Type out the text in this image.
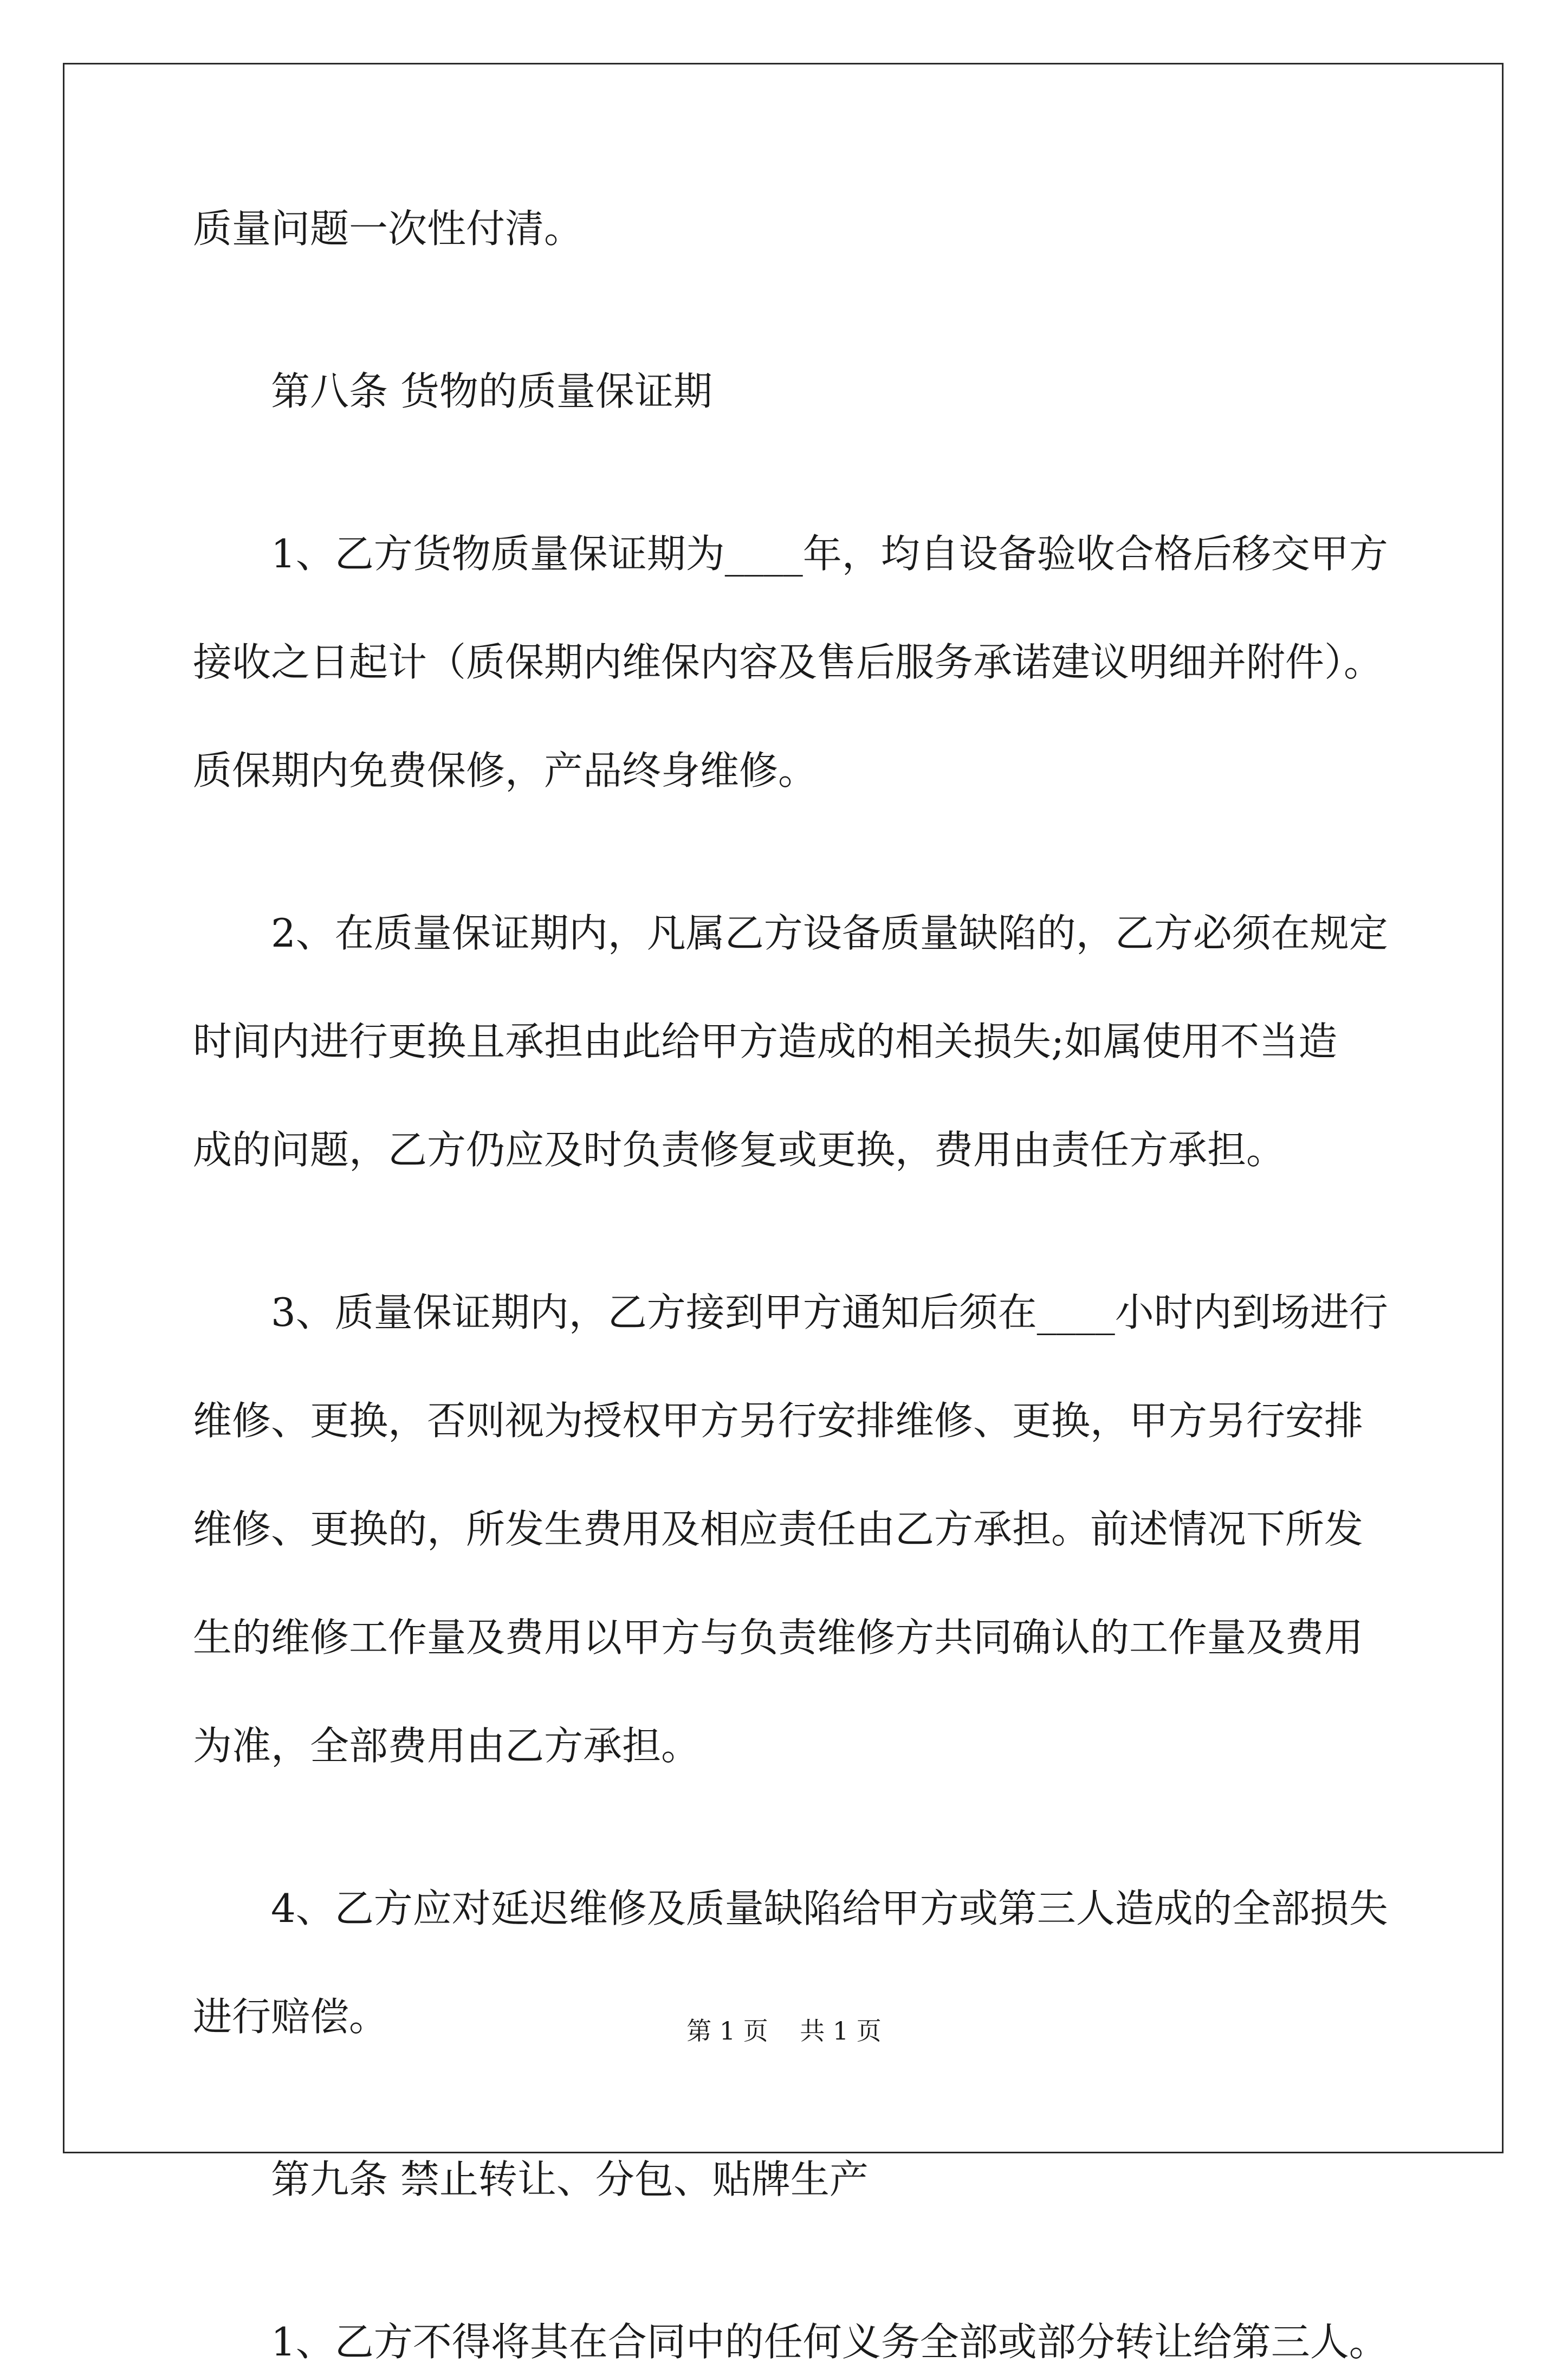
质量问题一次性付清。
第八条 货物的质量保证期
1、乙方货物质量保证期为____年，均自设备验收合格后移交甲方
接收之日起计（质保期内维保内容及售后服务承诺建议明细并附件）。
质保期内免费保修，产品终身维修。
2、在质量保证期内，凡属乙方设备质量缺陷的，乙方必须在规定
时间内进行更换且承担由此给甲方造成的相关损失;如属使用不当造
成的问题，乙方仍应及时负责修复或更换，费用由责任方承担。
3、质量保证期内，乙方接到甲方通知后须在____小时内到场进行
维修、更换，否则视为授权甲方另行安排维修、更换，甲方另行安排
维修、更换的，所发生费用及相应责任由乙方承担。前述情况下所发
生的维修工作量及费用以甲方与负责维修方共同确认的工作量及费用
为准，全部费用由乙方承担。
4、乙方应对延迟维修及质量缺陷给甲方或第三人造成的全部损失
进行赔偿。
第九条 禁止转让、分包、贴牌生产
1、乙方不得将其在合同中的任何义务全部或部分转让给第三人。
第 1 页    共 1 页
